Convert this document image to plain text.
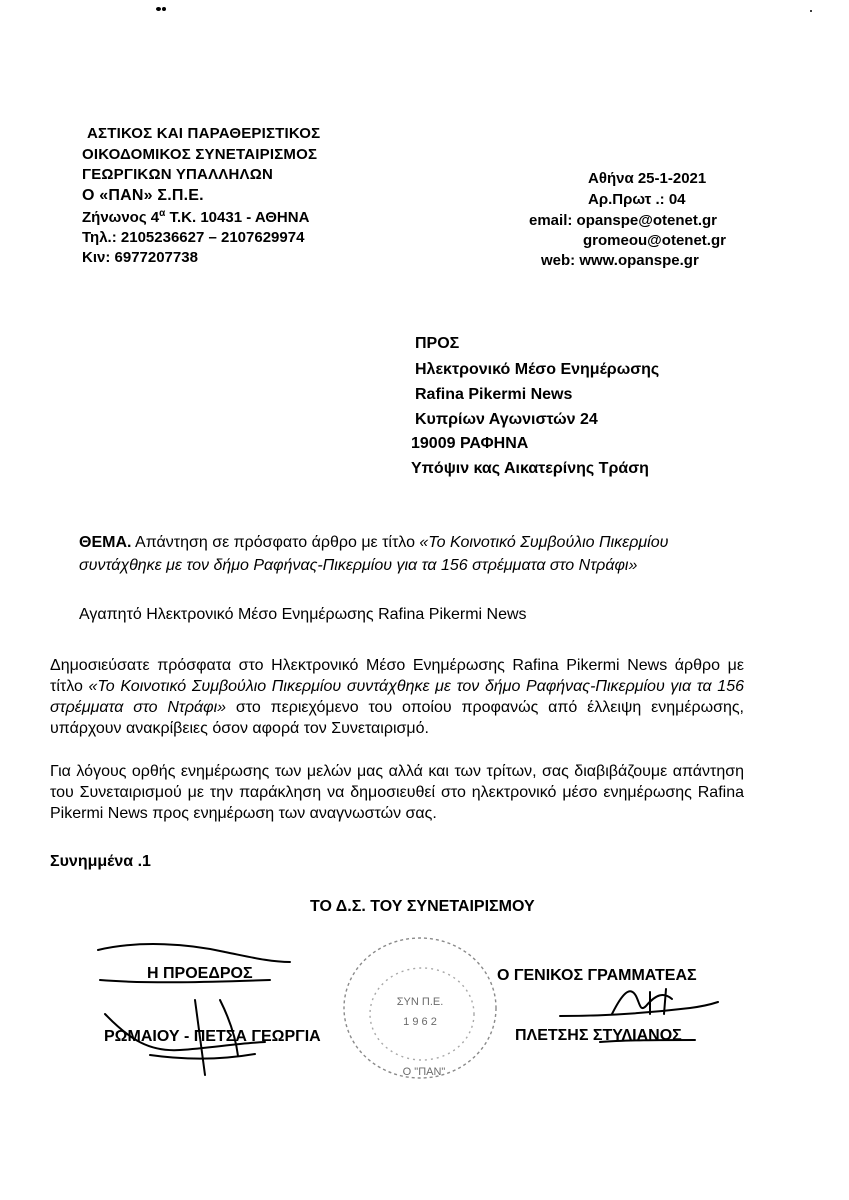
ΑΣΤΙΚΟΣ ΚΑΙ ΠΑΡΑΘΕΡΙΣΤΙΚΟΣ
ΟΙΚΟΔΟΜΙΚΟΣ ΣΥΝΕΤΑΙΡΙΣΜΟΣ
ΓΕΩΡΓΙΚΩΝ ΥΠΑΛΛΗΛΩΝ
Ο «ΠΑΝ» Σ.Π.Ε.
Ζήνωνος $4^\alpha$ Τ.Κ. 10431 - ΑΘΗΝΑ
Τηλ.: 2105236627 – 2107629974
Κιν: 6977207738
Αθήνα 25-1-2021
Αρ.Πρωτ .: 04
email: opanspe@otenet.gr
gromeou@otenet.gr
web: www.opanspe.gr
ΠΡΟΣ
Ηλεκτρονικό Μέσο Ενημέρωσης
Rafina Pikermi News
Κυπρίων Αγωνιστών 24
19009 ΡΑΦΗΝΑ
Υπόψιν κας Αικατερίνης Τράση
ΘΕΜΑ. Απάντηση σε πρόσφατο άρθρο με τίτλο «Το Κοινοτικό Συμβούλιο Πικερμίου
συντάχθηκε με τον δήμο Ραφήνας-Πικερμίου για τα 156 στρέμματα στο Ντράφι»
Αγαπητό Ηλεκτρονικό Μέσο Ενημέρωσης Rafina Pikermi News
Δημοσιεύσατε πρόσφατα στο Ηλεκτρονικό Μέσο Ενημέρωσης Rafina Pikermi News άρθρο με τίτλο «Το Κοινοτικό Συμβούλιο Πικερμίου συντάχθηκε με τον δήμο Ραφήνας-Πικερμίου για τα 156 στρέμματα στο Ντράφι» στο περιεχόμενο του οποίου προφανώς από έλλειψη ενημέρωσης, υπάρχουν ανακρίβειες όσον αφορά τον Συνεταιρισμό.
Για λόγους ορθής ενημέρωσης των μελών μας αλλά και των τρίτων, σας διαβιβάζουμε απάντηση του Συνεταιρισμού με την παράκληση να δημοσιευθεί στο ηλεκτρονικό μέσο ενημέρωσης Rafina Pikermi News προς ενημέρωση των αναγνωστών σας.
Συνημμένα .1
ΤΟ Δ.Σ. ΤΟΥ ΣΥΝΕΤΑΙΡΙΣΜΟΥ
Η ΠΡΟΕΔΡΟΣ
ΡΩΜΑΙΟΥ - ΠΕΤΣΑ ΓΕΩΡΓΙΑ
Ο ΓΕΝΙΚΟΣ ΓΡΑΜΜΑΤΕΑΣ
ΠΛΕΤΣΗΣ ΣΤΥΛΙΑΝΟΣ
ΣΥΝ Π.Ε.
1 9 6 2
Ο "ΠΑΝ"
